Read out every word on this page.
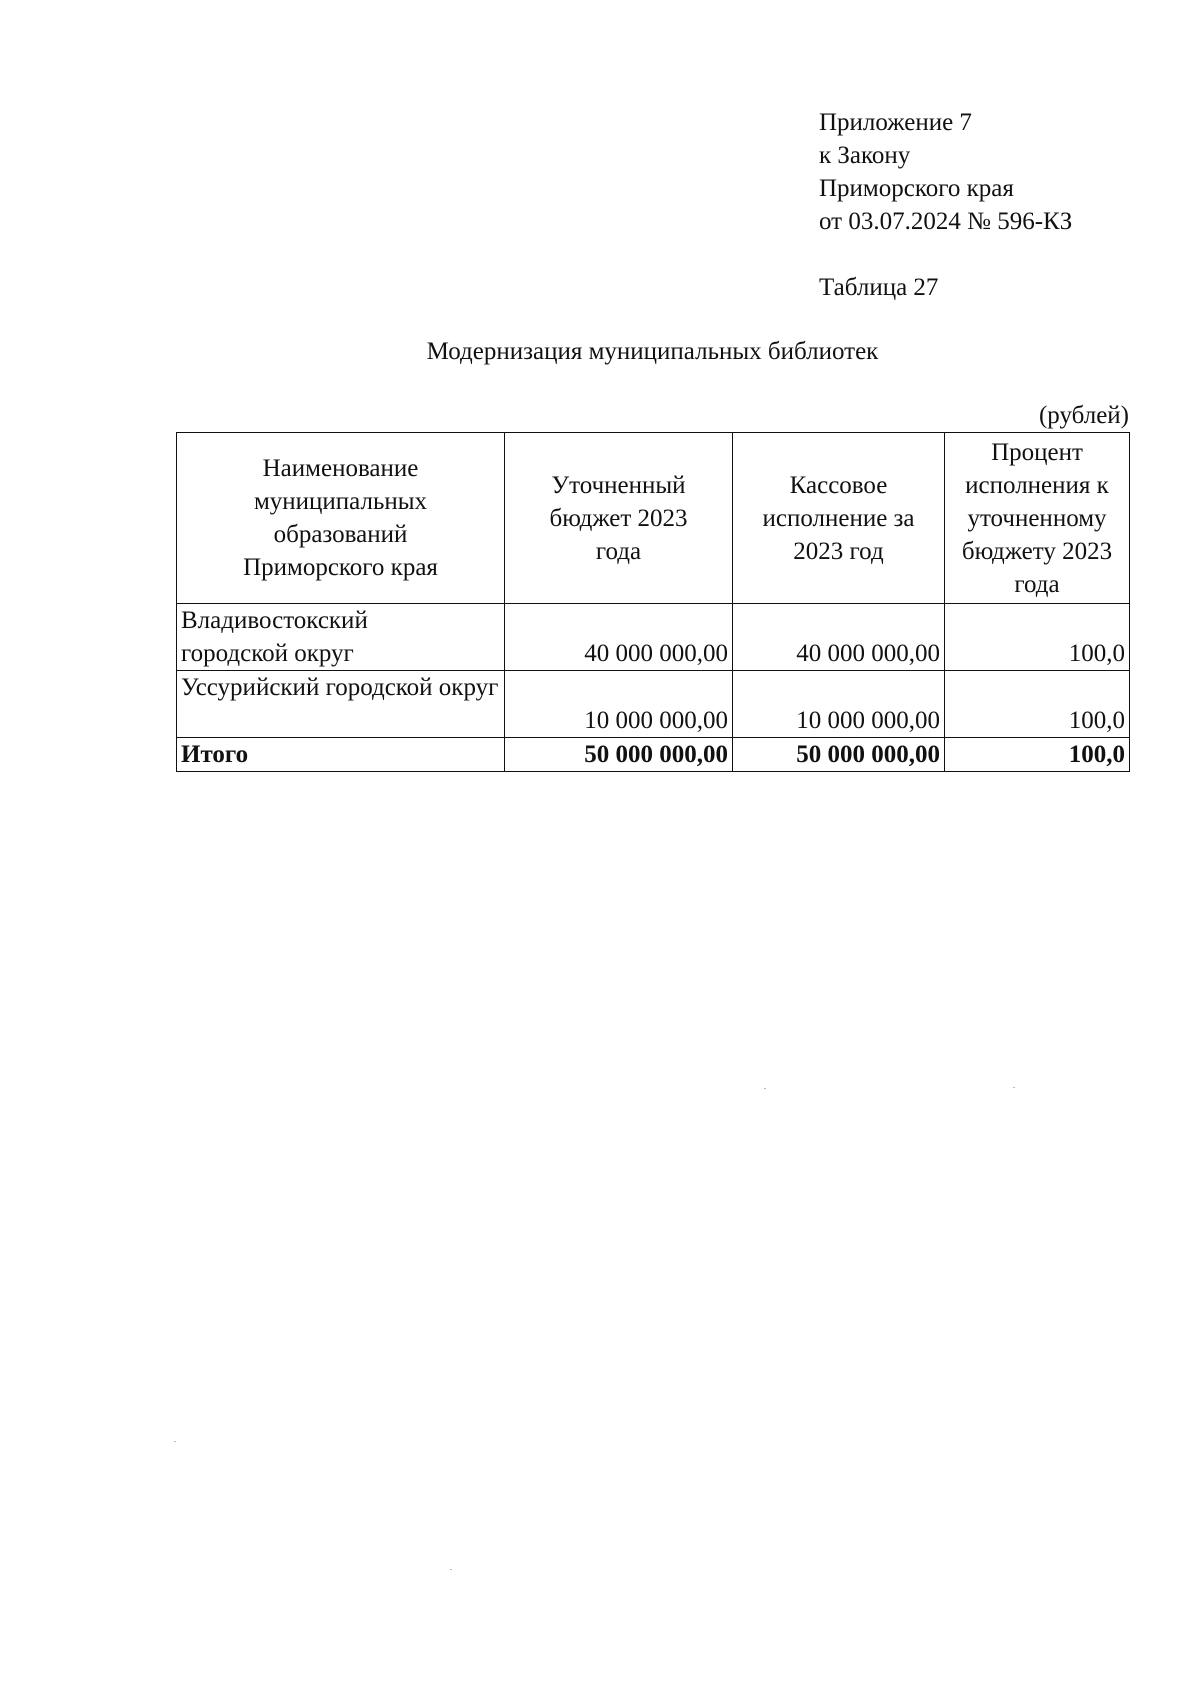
Приложение 7
к Закону
Приморского края
от 03.07.2024 № 596-КЗ
Таблица 27
Модернизация муниципальных библиотек
(рублей)
Наименование муниципальных образований Приморского края	Уточненный бюджет 2023 года	Кассовое исполнение за 2023 год	Процент исполнения к уточненному бюджету 2023 года
Владивостокский городской округ	40 000 000,00	40 000 000,00	100,0
Уссурийский городской округ	10 000 000,00	10 000 000,00	100,0
Итого	50 000 000,00	50 000 000,00	100,0
